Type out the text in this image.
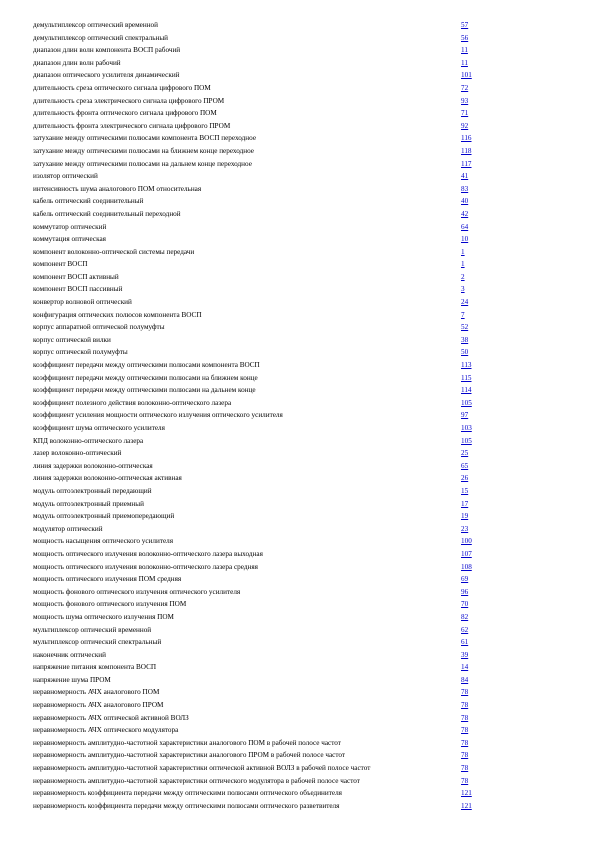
демультиплексор оптический временной	57
демультиплексор оптический спектральный	56
диапазон длин волн компонента ВОСП рабочий	11
диапазон длин волн рабочий	11
диапазон оптического усилителя динамический	101
длительность среза оптического сигнала цифрового ПОМ	72
длительность среза электрического сигнала цифрового ПРОМ	93
длительность фронта оптического сигнала цифрового ПОМ	71
длительность фронта электрического сигнала цифрового ПРОМ	92
затухание между оптическими полюсами компонента ВОСП переходное	116
затухание между оптическими полюсами на ближнем конце переходное	118
затухание между оптическими полюсами на дальнем конце переходное	117
изолятор оптический	41
интенсивность шума аналогового ПОМ относительная	83
кабель оптический соединительный	40
кабель оптический соединительный переходной	42
коммутатор оптический	64
коммутация оптическая	10
компонент волоконно-оптической системы передачи	1
компонент ВОСП	1
компонент ВОСП активный	2
компонент ВОСП пассивный	3
конвертор волновой оптический	24
конфигурация оптических полюсов компонента ВОСП	7
корпус аппаратной оптической полумуфты	52
корпус оптической вилки	38
корпус оптической полумуфты	50
коэффициент передачи между оптическими полюсами компонента ВОСП	113
коэффициент передачи между оптическими полюсами на ближнем конце	115
коэффициент передачи между оптическими полюсами на дальнем конце	114
коэффициент полезного действия волоконно-оптического лазера	105
коэффициент усиления мощности оптического излучения оптического усилителя	97
коэффициент шума оптического усилителя	103
КПД волоконно-оптического лазера	105
лазер волоконно-оптический	25
линия задержки волоконно-оптическая	65
линия задержки волоконно-оптическая активная	26
модуль оптоэлектронный передающий	15
модуль оптоэлектронный приемный	17
модуль оптоэлектронный приемопередающий	19
модулятор оптический	23
мощность насыщения оптического усилителя	100
мощность оптического излучения волоконно-оптического лазера выходная	107
мощность оптического излучения волоконно-оптического лазера средняя	108
мощность оптического излучения ПОМ средняя	69
мощность фонового оптического излучения оптического усилителя	96
мощность фонового оптического излучения ПОМ	70
мощность шума оптического излучения ПОМ	82
мультиплексор оптический временной	62
мультиплексор оптический спектральный	61
наконечник оптический	39
напряжение питания компонента ВОСП	14
напряжение шума ПРОМ	84
неравномерность АЧХ аналогового ПОМ	78
неравномерность АЧХ аналогового ПРОМ	78
неравномерность АЧХ оптической активной ВОЛЗ	78
неравномерность АЧХ оптического модулятора	78
неравномерность амплитудно-частотной характеристики аналогового ПОМ в рабочей полосе частот	78
неравномерность амплитудно-частотной характеристики аналогового ПРОМ в рабочей полосе частот	78
неравномерность амплитудно-частотной характеристики оптической активной ВОЛЗ в рабочей полосе частот	78
неравномерность амплитудно-частотной характеристики оптического модулятора в рабочей полосе частот	78
неравномерность коэффициента передачи между оптическими полюсами оптического объединителя	121
неравномерность коэффициента передачи между оптическими полюсами оптического разветвителя	121
